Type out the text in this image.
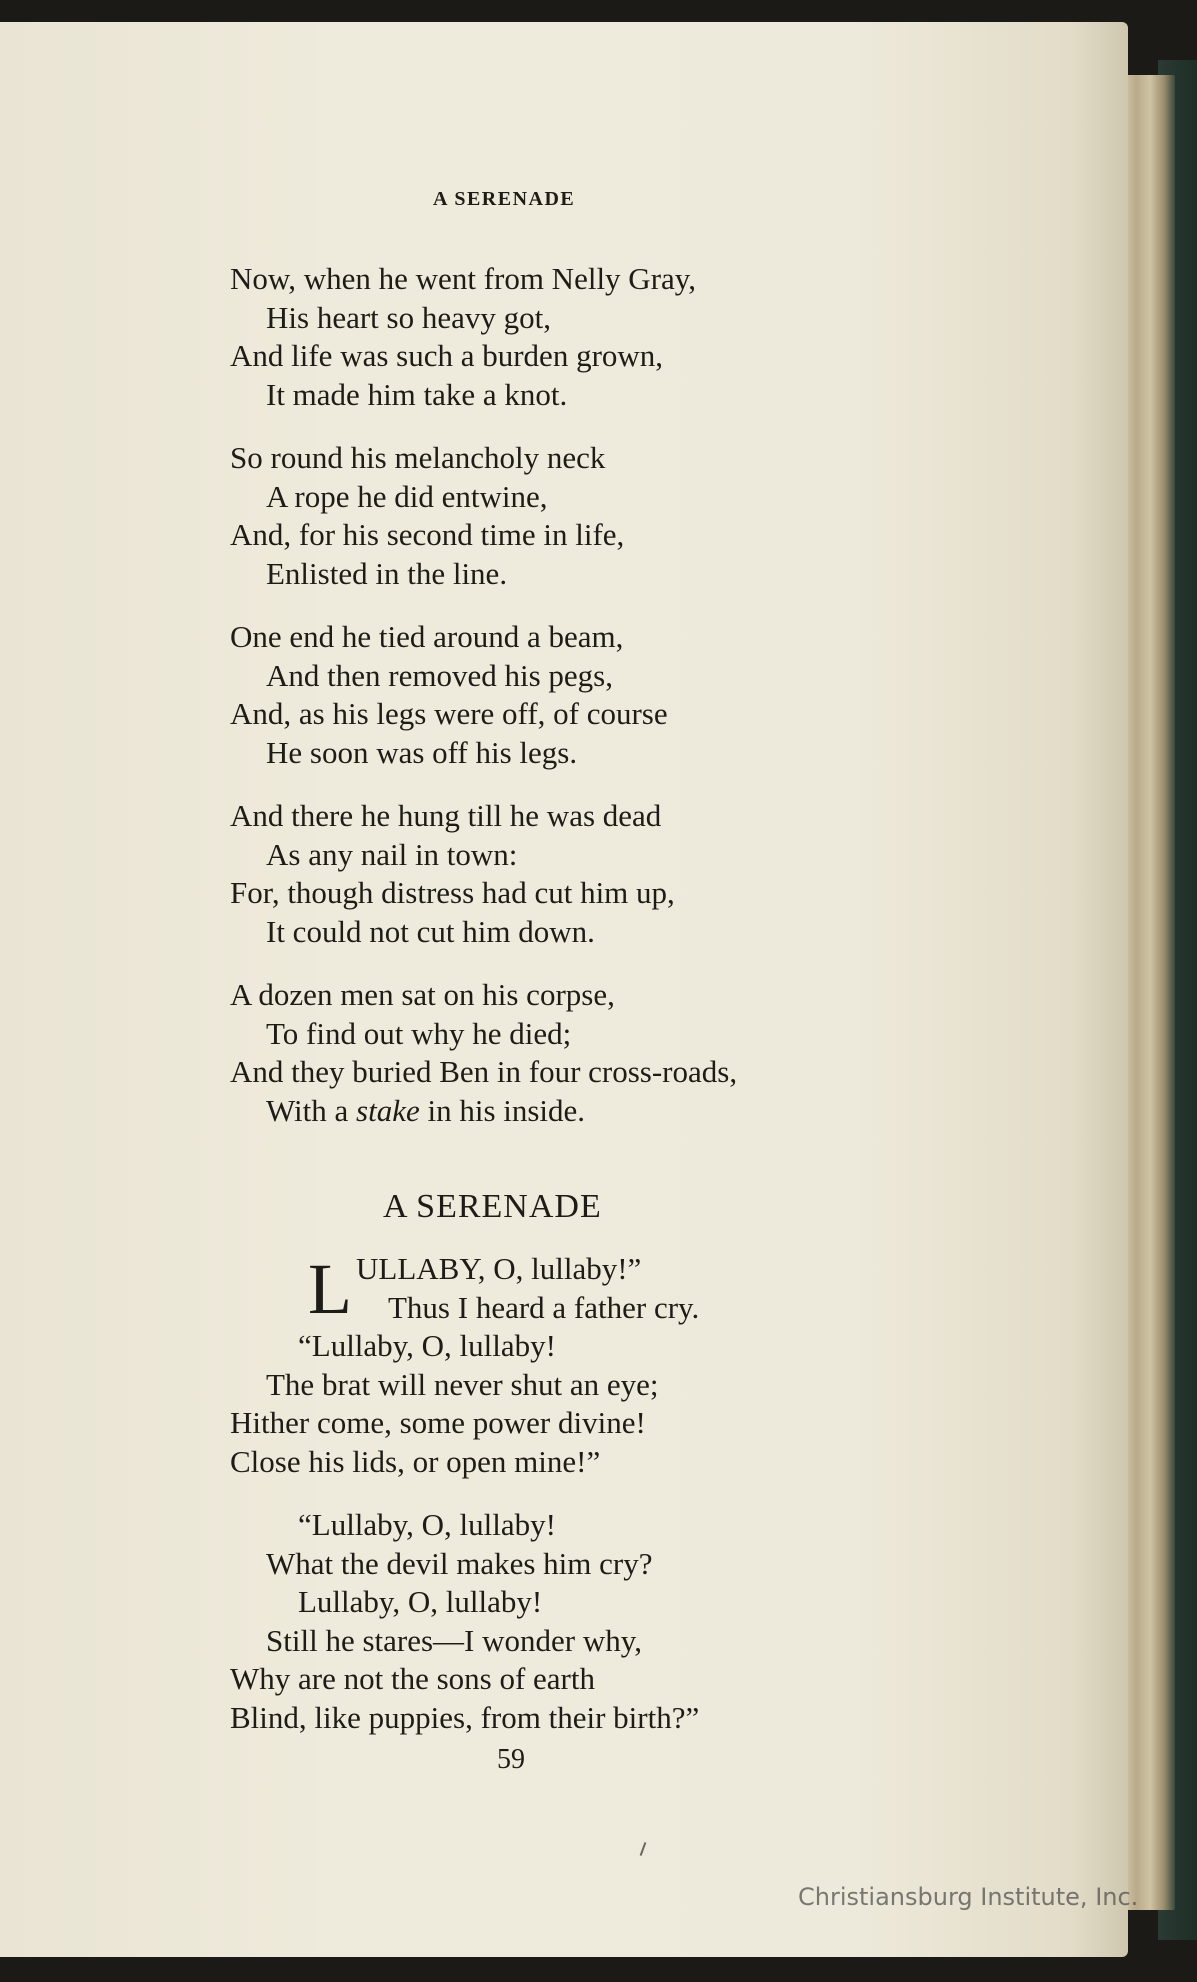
A SERENADE
Now, when he went from Nelly Gray,
His heart so heavy got,
And life was such a burden grown,
It made him take a knot.
So round his melancholy neck
A rope he did entwine,
And, for his second time in life,
Enlisted in the line.
One end he tied around a beam,
And then removed his pegs,
And, as his legs were off, of course
He soon was off his legs.
And there he hung till he was dead
As any nail in town:
For, though distress had cut him up,
It could not cut him down.
A dozen men sat on his corpse,
To find out why he died;
And they buried Ben in four cross-roads,
With a stake in his inside.
A SERENADE
L ULLABY, O, lullaby!”
Thus I heard a father cry.
“Lullaby, O, lullaby!
The brat will never shut an eye;
Hither come, some power divine!
Close his lids, or open mine!”
“Lullaby, O, lullaby!
What the devil makes him cry?
Lullaby, O, lullaby!
Still he stares—I wonder why,
Why are not the sons of earth
Blind, like puppies, from their birth?”
59
Christiansburg Institute, Inc.
